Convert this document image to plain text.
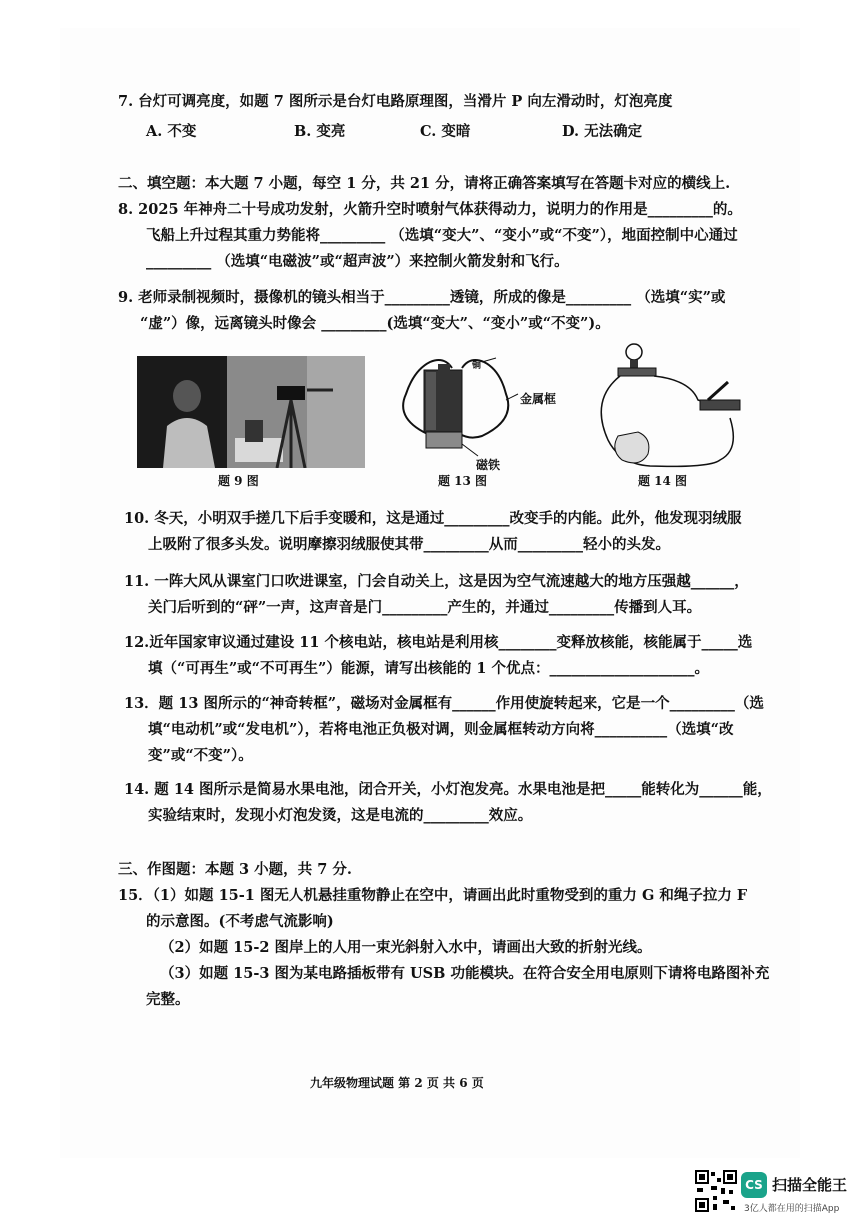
7. 台灯可调亮度，如题 7 图所示是台灯电路原理图，当滑片 P 向左滑动时，灯泡亮度
A. 不变	B. 变亮	C. 变暗	D. 无法确定
二、填空题：本大题 7 小题，每空 1 分，共 21 分，请将正确答案填写在答题卡对应的横线上.
8. 2025 年神舟二十号成功发射，火箭升空时喷射气体获得动力，说明力的作用是_________的。
飞船上升过程其重力势能将_________ （选填“变大”、“变小”或“不变”），地面控制中心通过
_________ （选填“电磁波”或“超声波”）来控制火箭发射和飞行。
9. 老师录制视频时，摄像机的镜头相当于_________透镜，所成的像是_________ （选填“实”或
“虚”）像，远离镜头时像会 _________(选填“变大”、“变小”或“不变”)。
题 9 图
铜
金属框
磁铁
题 13 图	题 14 图
10. 冬天，小明双手搓几下后手变暖和，这是通过_________改变手的内能。此外，他发现羽绒服
上吸附了很多头发。说明摩擦羽绒服使其带_________从而_________轻小的头发。
11. 一阵大风从课室门口吹进课室，门会自动关上，这是因为空气流速越大的地方压强越______，
关门后听到的“砰”一声，这声音是门_________产生的，并通过_________传播到人耳。
12.近年国家审议通过建设 11 个核电站，核电站是利用核________变释放核能，核能属于_____选
填（“可再生”或“不可再生”）能源，请写出核能的 1 个优点：____________________。
13．题 13 图所示的“神奇转框”，磁场对金属框有______作用使旋转起来，它是一个_________（选
填“电动机”或“发电机”），若将电池正负极对调，则金属框转动方向将__________（选填“改
变”或“不变”）。
14. 题 14 图所示是简易水果电池，闭合开关，小灯泡发亮。水果电池是把_____能转化为______能，
实验结束时，发现小灯泡发烫，这是电流的_________效应。
三、作图题：本题 3 小题，共 7 分.
15．（1）如题 15-1 图无人机悬挂重物静止在空中，请画出此时重物受到的重力 G 和绳子拉力 F
的示意图。(不考虑气流影响)
（2）如题 15-2 图岸上的人用一束光斜射入水中，请画出大致的折射光线。
（3）如题 15-3 图为某电路插板带有 USB 功能模块。在符合安全用电原则下请将电路图补充
完整。
九年级物理试题 第 2 页 共 6 页
CS 扫描全能王
3亿人都在用的扫描App
